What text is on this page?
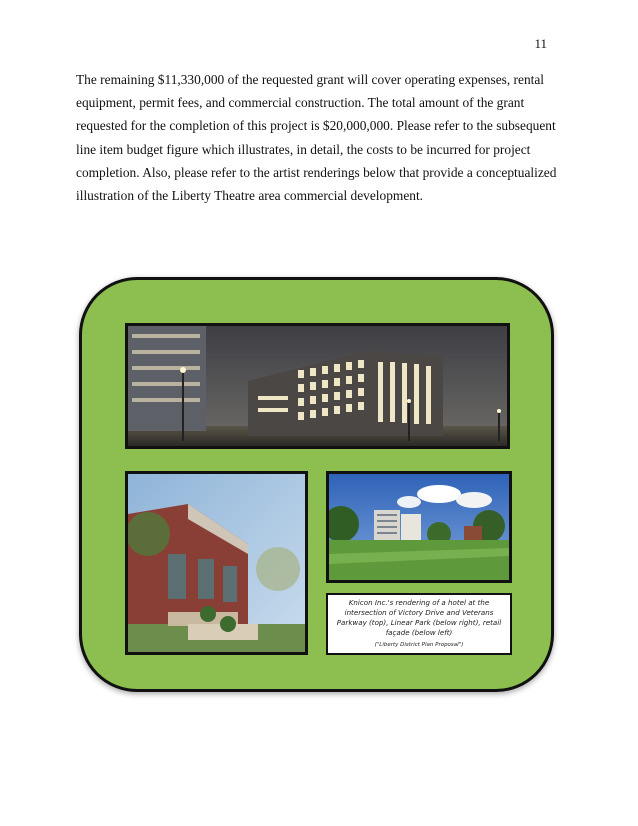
11

The remaining $11,330,000 of the requested grant will cover operating expenses, rental equipment, permit fees, and commercial construction. The total amount of the grant requested for the completion of this project is $20,000,000. Please refer to the subsequent line item budget figure which illustrates, in detail, the costs to be incurred for project completion. Also, please refer to the artist renderings below that provide a conceptualized illustration of the Liberty Theatre area commercial development.

Knicon Inc.'s rendering of a hotel at the intersection of Victory Drive and Veterans Parkway (top), Linear Park (below right), retail façade (below left)
("Liberty District Plan Proposal")
